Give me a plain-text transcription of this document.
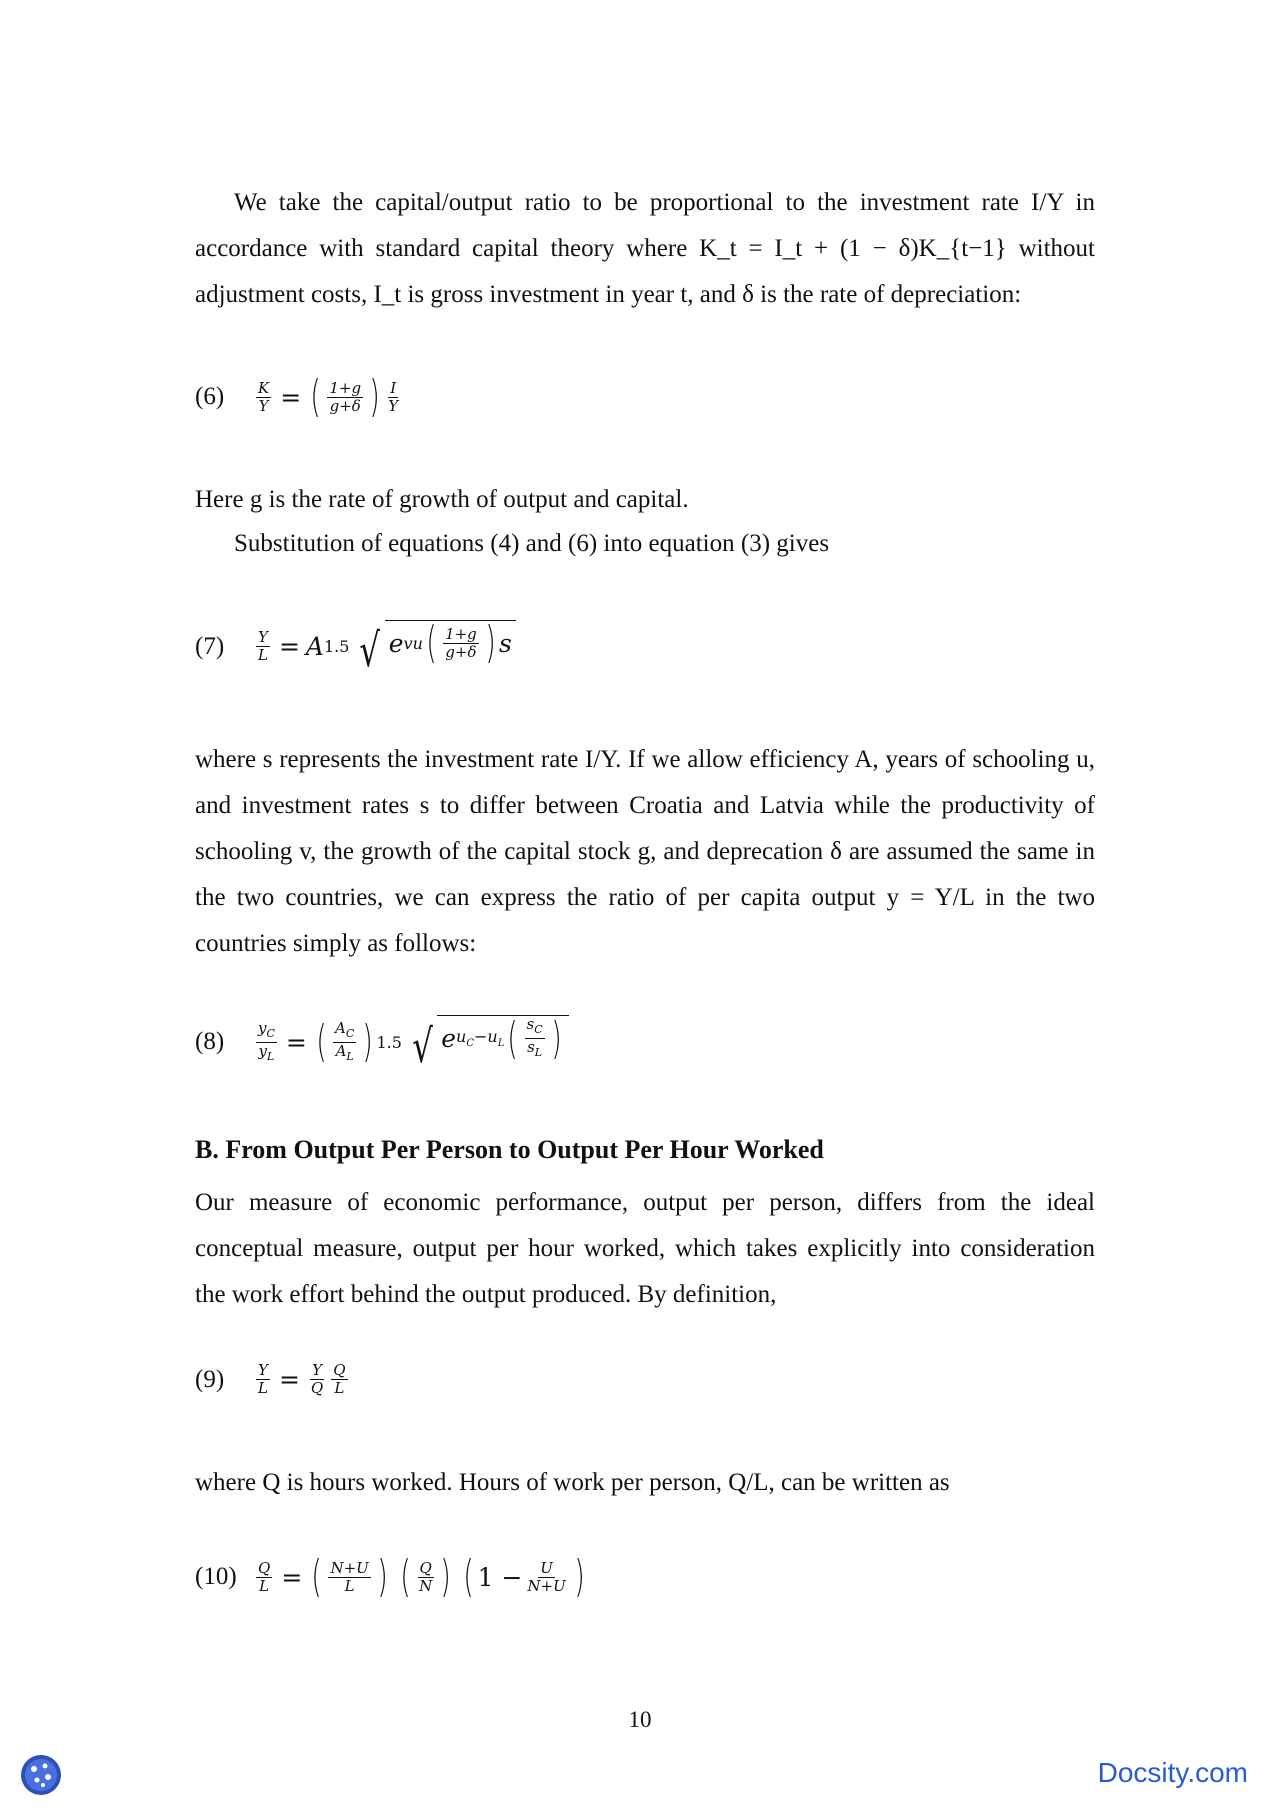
We take the capital/output ratio to be proportional to the investment rate I/Y in accordance with standard capital theory where K_t = I_t + (1 − δ)K_{t−1} without adjustment costs, I_t is gross investment in year t, and δ is the rate of depreciation:
(6)	$\frac{K}{Y}$ = ( $\frac{1+g}{g+\delta}$ ) $\frac{I}{Y}$
Here g is the rate of growth of output and capital.
Substitution of equations (4) and (6) into equation (3) gives
(7)	$\frac{Y}{L} = A$ 1.5 √ e vu ( $\frac{1+g}{g+\delta}$ ) s
where s represents the investment rate I/Y. If we allow efficiency A, years of schooling u, and investment rates s to differ between Croatia and Latvia while the productivity of schooling v, the growth of the capital stock g, and deprecation δ are assumed the same in the two countries, we can express the ratio of per capita output y = Y/L in the two countries simply as follows:
(8)	$\frac{y_C}{y_L}$ = ( $\frac{A_C}{A_L}$ ) 1.5 √ e $u_C-u_L$ ( $\frac{s_C}{s_L}$ )
B. From Output Per Person to Output Per Hour Worked
Our measure of economic performance, output per person, differs from the ideal conceptual measure, output per hour worked, which takes explicitly into consideration the work effort behind the output produced. By definition,
(9)	$\frac{Y}{L} = \frac{Y}{Q} \frac{Q}{L}$
where Q is hours worked. Hours of work per person, Q/L, can be written as
(10)	$\frac{Q}{L}$ = ( $\frac{N+U}{L}$ ) ( $\frac{Q}{N}$ ) ( $1 - \frac{U}{N+U}$ )
10
Docsity.com
